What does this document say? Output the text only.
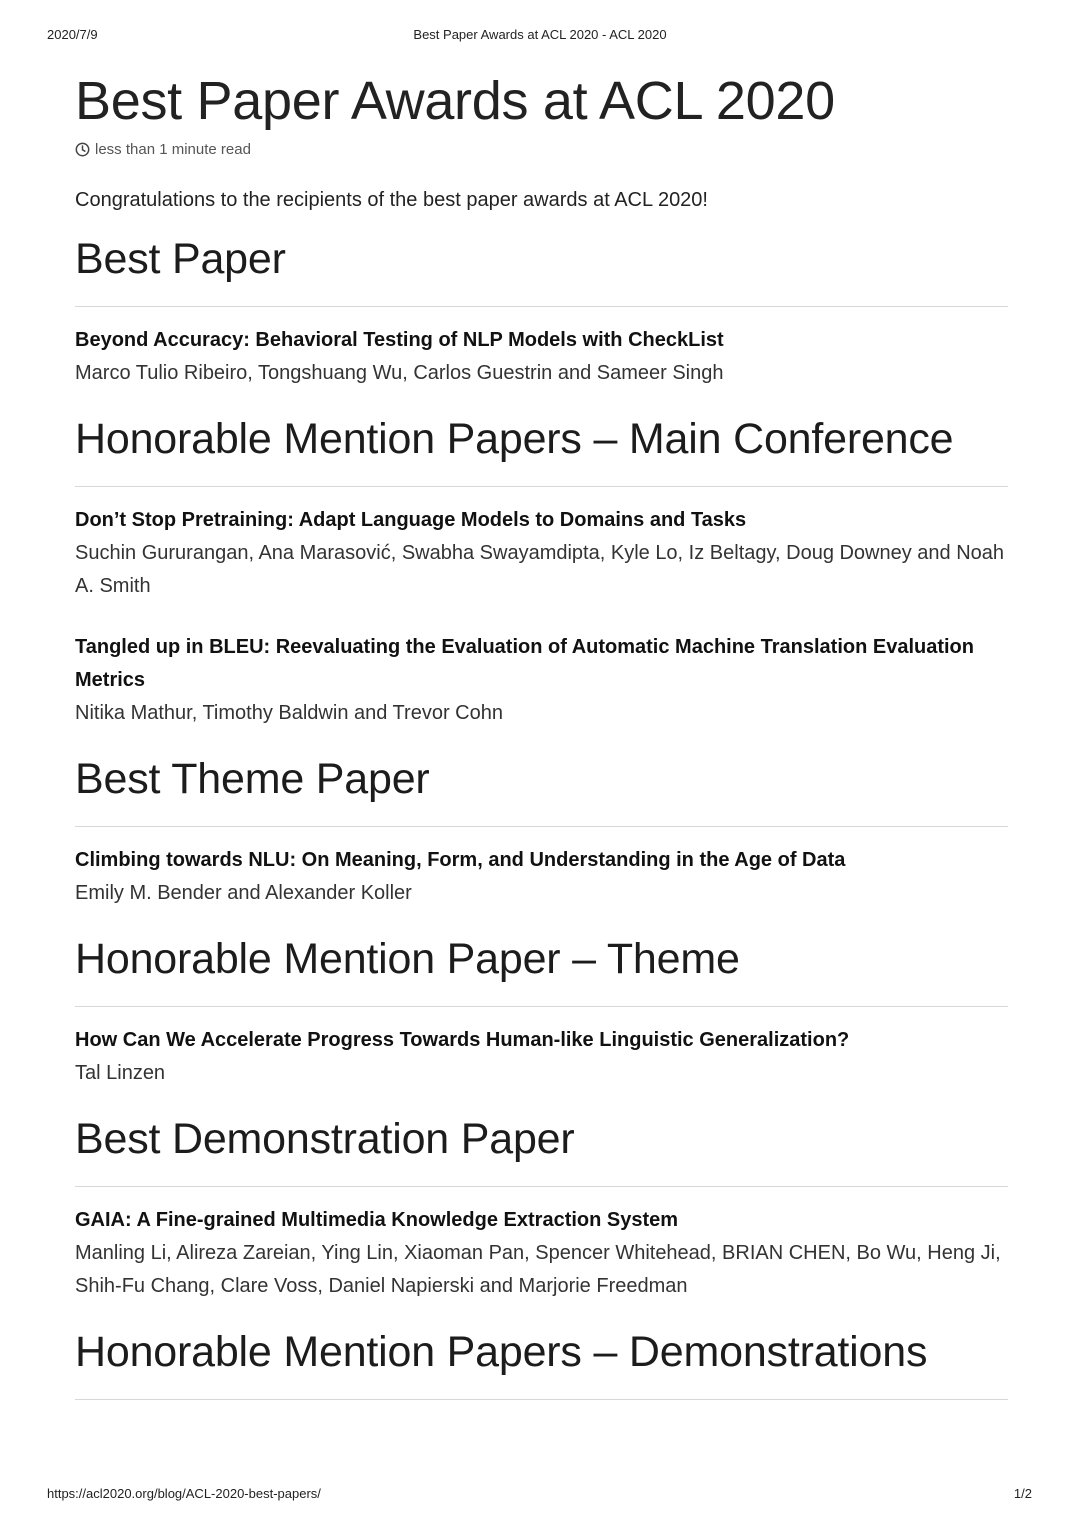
2020/7/9	Best Paper Awards at ACL 2020 - ACL 2020
Best Paper Awards at ACL 2020
less than 1 minute read

Congratulations to the recipients of the best paper awards at ACL 2020!

Best Paper
Beyond Accuracy: Behavioral Testing of NLP Models with CheckList
Marco Tulio Ribeiro, Tongshuang Wu, Carlos Guestrin and Sameer Singh
Honorable Mention Papers – Main Conference
Don’t Stop Pretraining: Adapt Language Models to Domains and Tasks
Suchin Gururangan, Ana Marasović, Swabha Swayamdipta, Kyle Lo, Iz Beltagy, Doug Downey and Noah A. Smith
Tangled up in BLEU: Reevaluating the Evaluation of Automatic Machine Translation Evaluation Metrics
Nitika Mathur, Timothy Baldwin and Trevor Cohn
Best Theme Paper
Climbing towards NLU: On Meaning, Form, and Understanding in the Age of Data
Emily M. Bender and Alexander Koller
Honorable Mention Paper – Theme
How Can We Accelerate Progress Towards Human-like Linguistic Generalization?
Tal Linzen
Best Demonstration Paper
GAIA: A Fine-grained Multimedia Knowledge Extraction System
Manling Li, Alireza Zareian, Ying Lin, Xiaoman Pan, Spencer Whitehead, BRIAN CHEN, Bo Wu, Heng Ji, Shih-Fu Chang, Clare Voss, Daniel Napierski and Marjorie Freedman
Honorable Mention Papers – Demonstrations
https://acl2020.org/blog/ACL-2020-best-papers/	1/2
